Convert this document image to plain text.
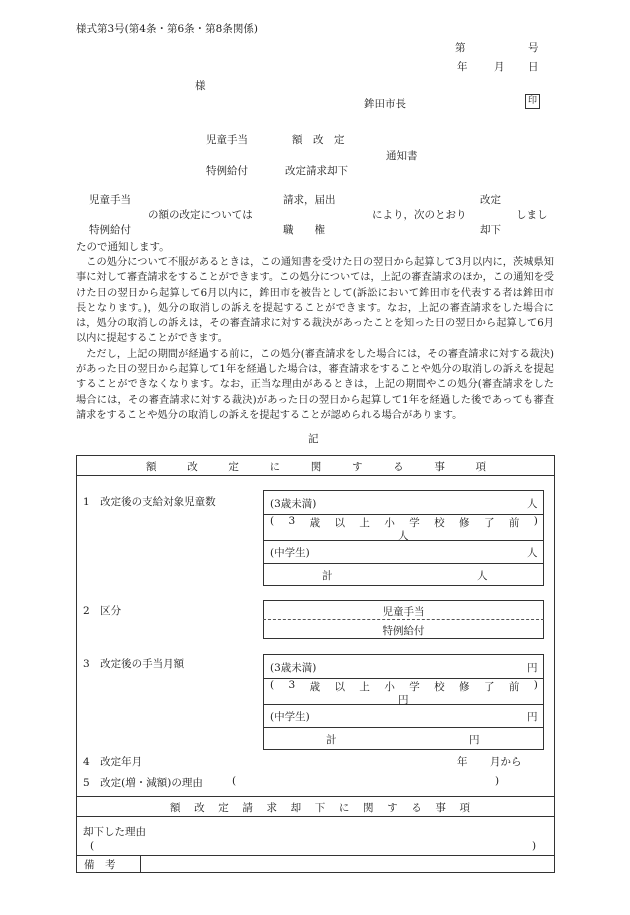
様式第3号(第4条・第6条・第8条関係)
第	号
年	月 日
様
鉾田市長	印
児童手当
特例給付
額　改　定
改定請求却下
通知書
児童手当
特例給付
の額の改定については
請求，届出
職　　権
により，次のとおり
改定
却下
しまし
たので通知します。

この処分について不服があるときは，この通知書を受けた日の翌日から起算して3月以内に，茨城県知事に対して審査請求をすることができます。この処分については，上記の審査請求のほか，この通知を受けた日の翌日から起算して6月以内に，鉾田市を被告として(訴訟において鉾田市を代表する者は鉾田市長となります。)，処分の取消しの訴えを提起することができます。なお，上記の審査請求をした場合には，処分の取消しの訴えは，その審査請求に対する裁決があったことを知った日の翌日から起算して6月以内に提起することができます。

ただし，上記の期間が経過する前に，この処分(審査請求をした場合には，その審査請求に対する裁決)があった日の翌日から起算して1年を経過した場合は，審査請求をすることや処分の取消しの訴えを提起することができなくなります。なお，正当な理由があるときは，上記の期間やこの処分(審査請求をした場合には，その審査請求に対する裁決)があった日の翌日から起算して1年を経過した後であっても審査請求をすることや処分の取消しの訴えを提起することが認められる場合があります。

記
額	改	定	に	関	す	る	事	項
1　改定後の支給対象児童数	(3歳未満)	人
( 3 歳 以 上 小 学 校 修 了 前 )
人
(中学生)	人
計	人
2　区分	児童手当
特例給付
3　改定後の手当月額	(3歳未満)	円
( 3 歳 以 上 小 学 校 修 了 前 )
円
(中学生)	円
計	円
4　改定年月	年 月から
5　改定(増・減額)の理由	(	)
額 改 定 請 求 却 下 に 関 す る 事 項
却下した理由
(	)
備　考
